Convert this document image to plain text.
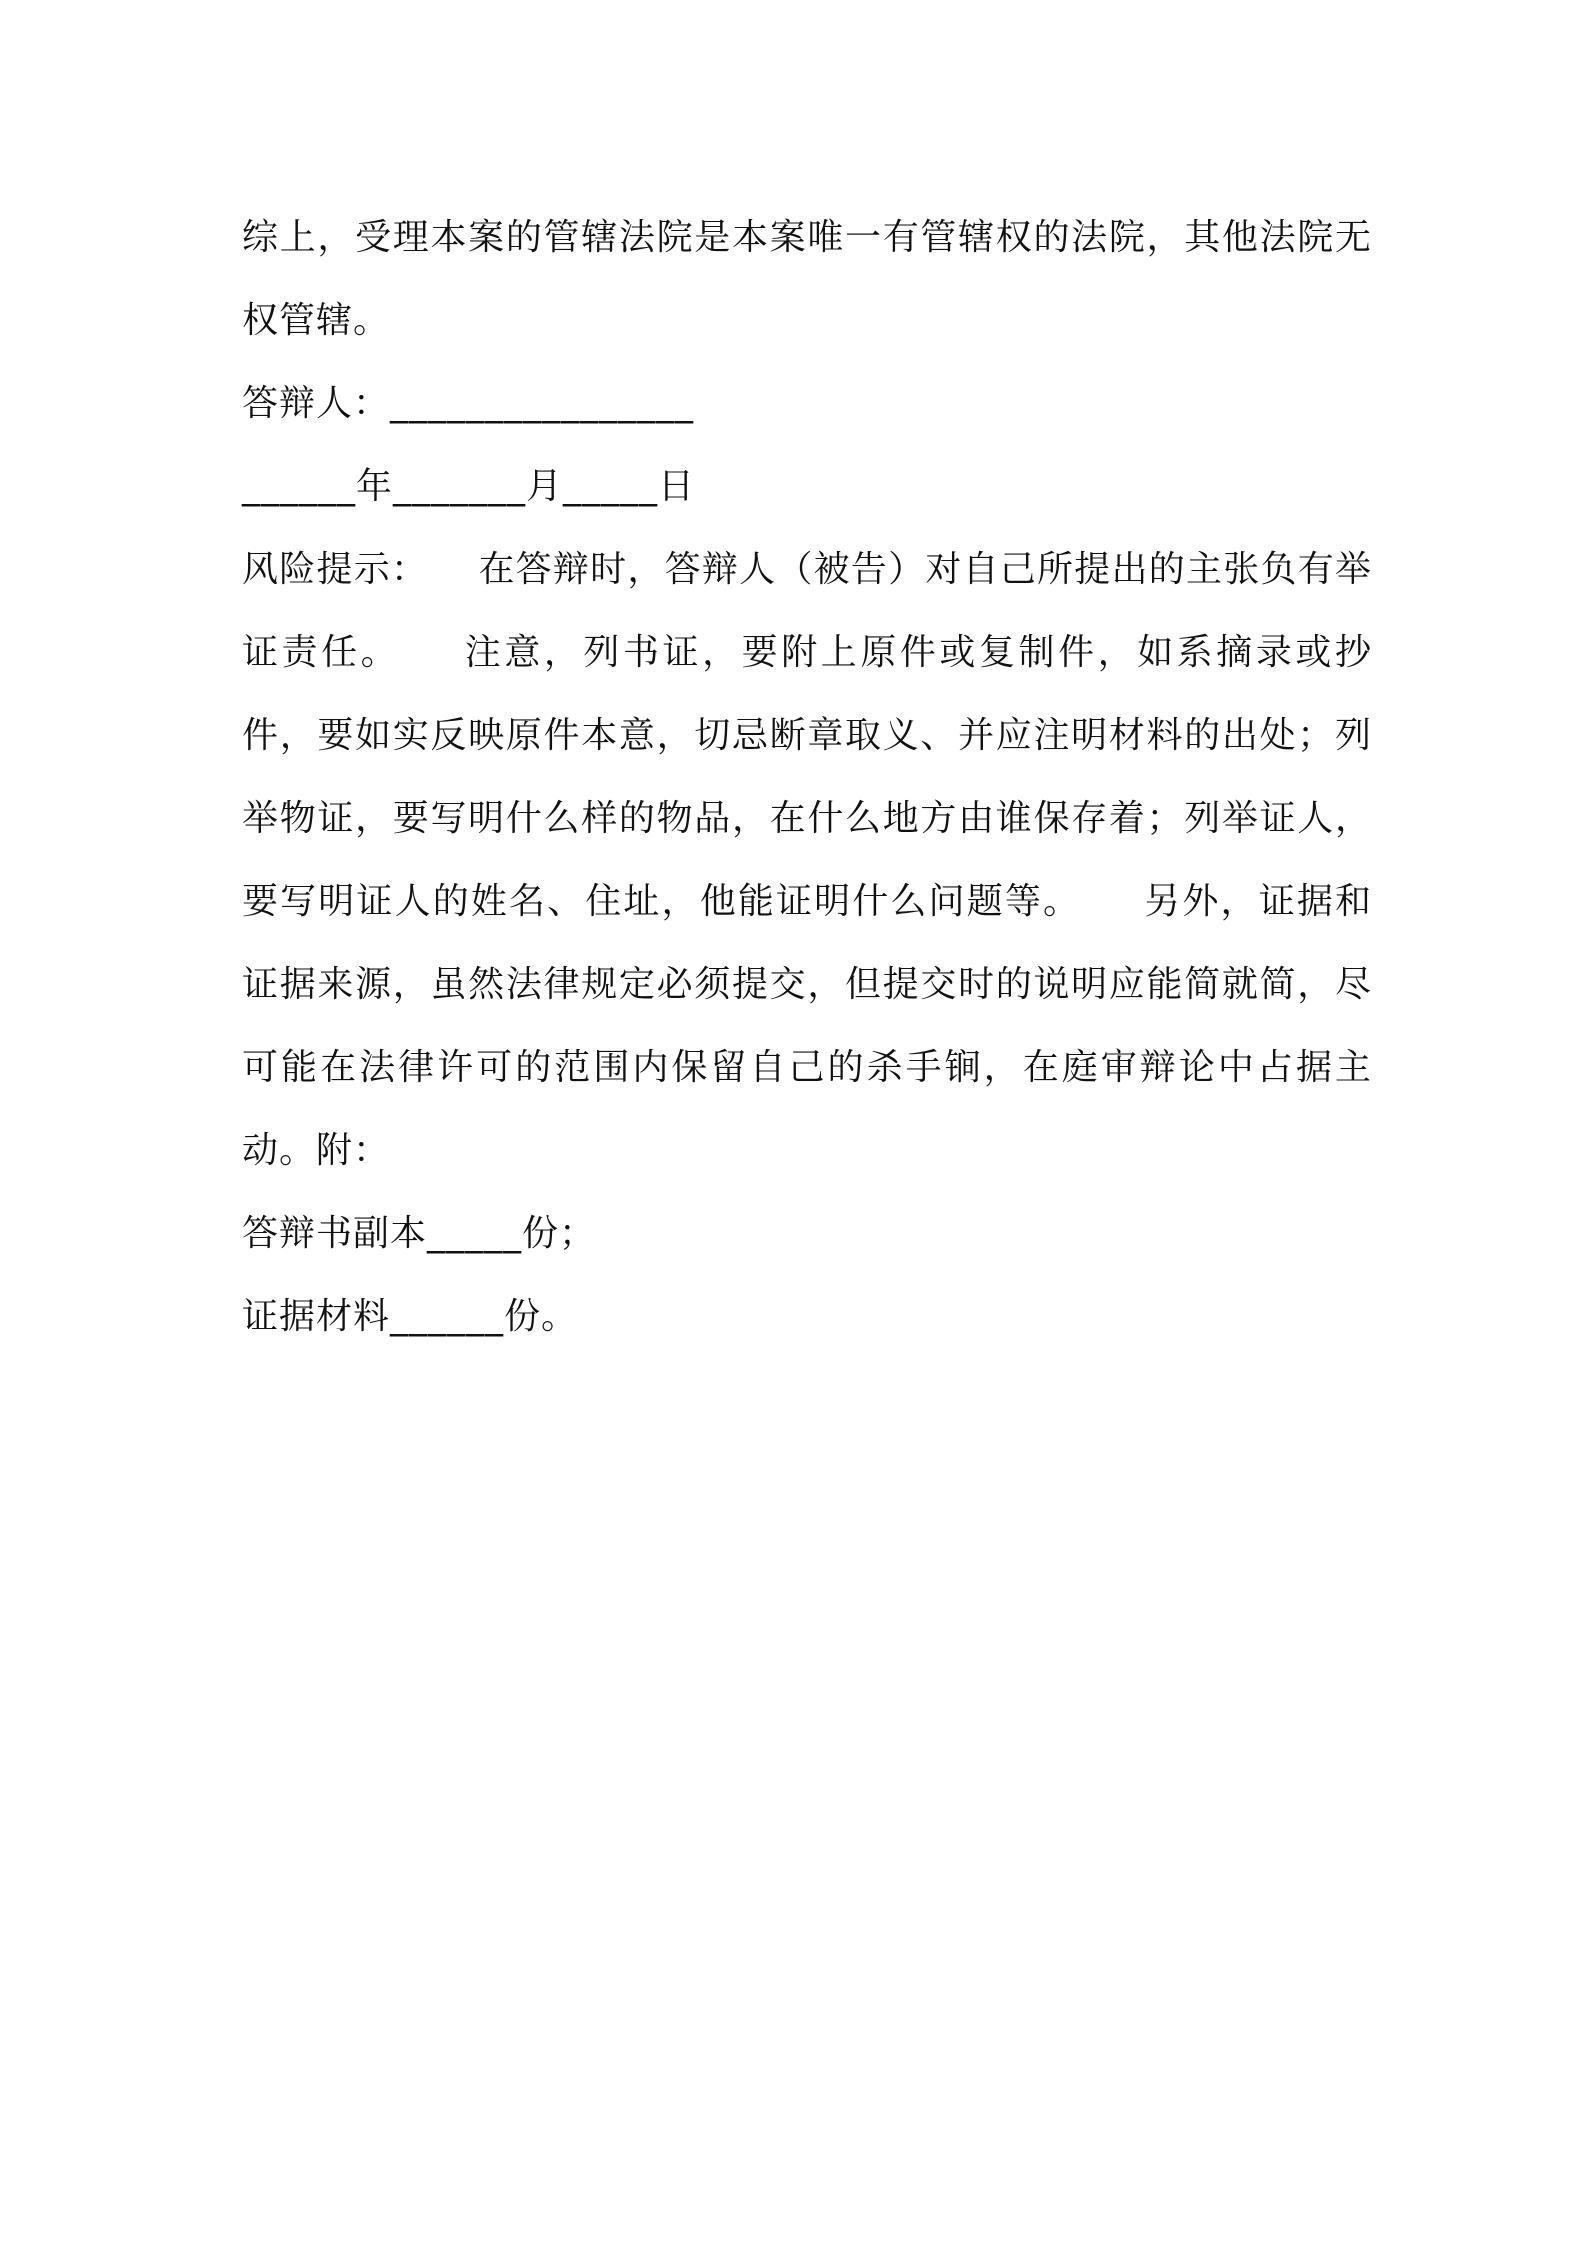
综上，受理本案的管辖法院是本案唯一有管辖权的法院，其他法院无权管辖。

答辩人：________________

______年_______月_____日

风险提示： 在答辩时，答辩人（被告）对自己所提出的主张负有举证责任。 注意，列书证，要附上原件或复制件，如系摘录或抄件，要如实反映原件本意，切忌断章取义、并应注明材料的出处；列举物证，要写明什么样的物品，在什么地方由谁保存着；列举证人，要写明证人的姓名、住址，他能证明什么问题等。 另外，证据和证据来源，虽然法律规定必须提交，但提交时的说明应能简就简，尽可能在法律许可的范围内保留自己的杀手锏，在庭审辩论中占据主动。附：

答辩书副本_____份；

证据材料______份。
